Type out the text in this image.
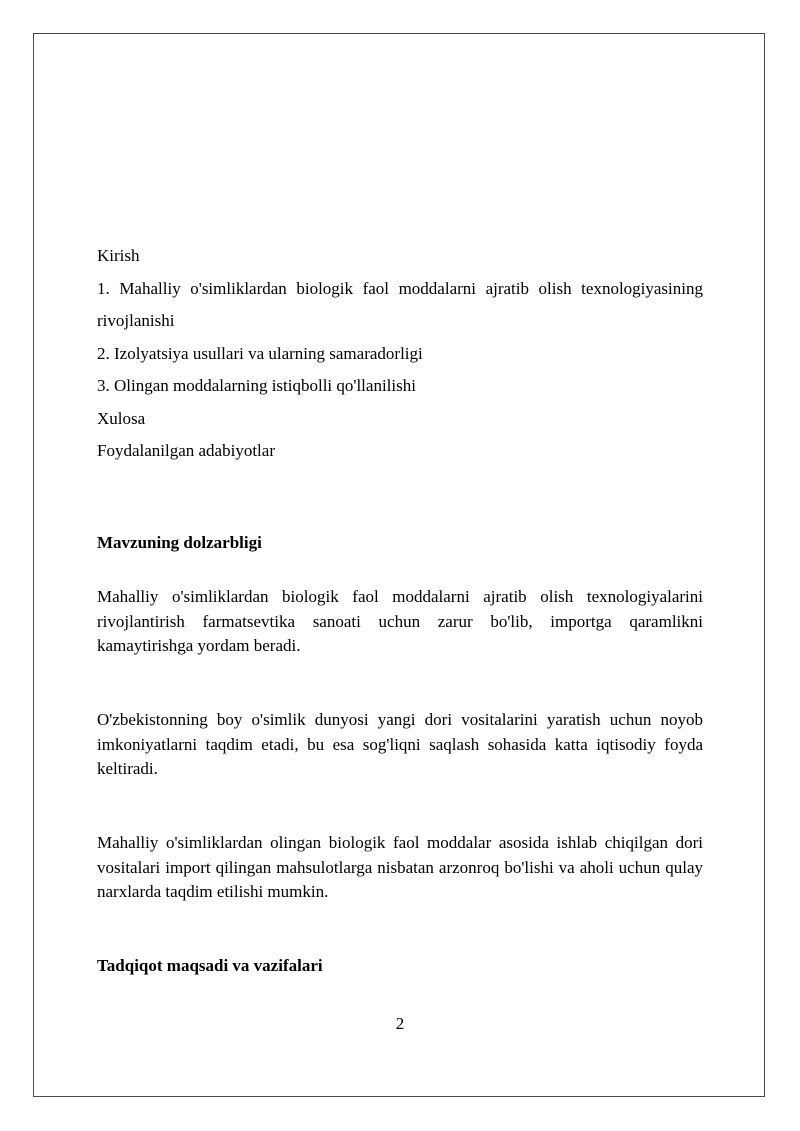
Kirish

1. Mahalliy o'simliklardan biologik faol moddalarni ajratib olish texnologiyasining rivojlanishi

2. Izolyatsiya usullari va ularning samaradorligi

3. Olingan moddalarning istiqbolli qo'llanilishi

Xulosa

Foydalanilgan adabiyotlar

Mavzuning dolzarbligi

Mahalliy o'simliklardan biologik faol moddalarni ajratib olish texnologiyalarini rivojlantirish farmatsevtika sanoati uchun zarur bo'lib, importga qaramlikni kamaytirishga yordam beradi.

O'zbekistonning boy o'simlik dunyosi yangi dori vositalarini yaratish uchun noyob imkoniyatlarni taqdim etadi, bu esa sog'liqni saqlash sohasida katta iqtisodiy foyda keltiradi.

Mahalliy o'simliklardan olingan biologik faol moddalar asosida ishlab chiqilgan dori vositalari import qilingan mahsulotlarga nisbatan arzonroq bo'lishi va aholi uchun qulay narxlarda taqdim etilishi mumkin.

Tadqiqot maqsadi va vazifalari

2
